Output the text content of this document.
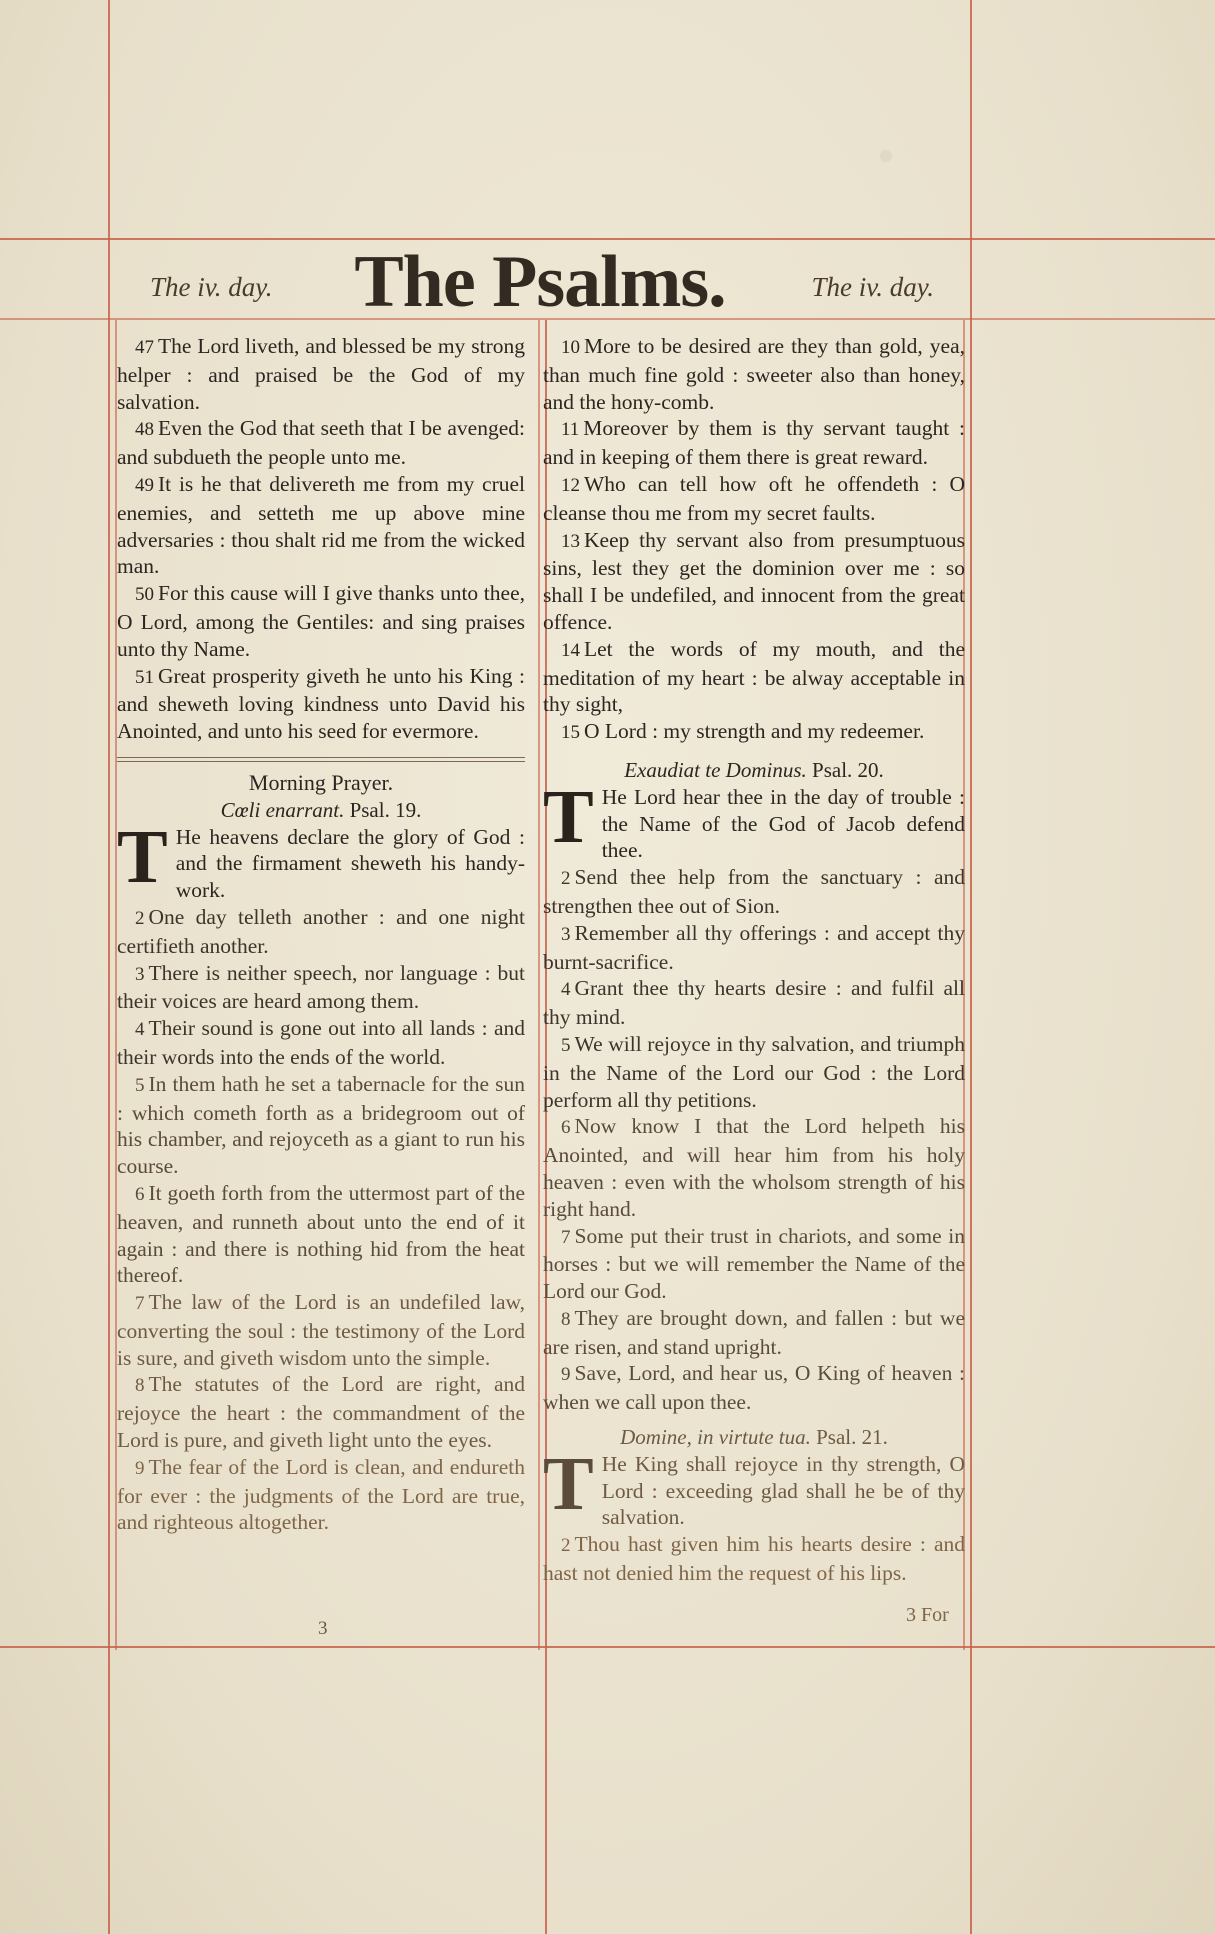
The iv. day.	The Psalms.	The iv. day.

47 The Lord liveth, and blessed be my strong helper : and praised be the God of my salvation.

48 Even the God that seeth that I be avenged: and subdueth the people unto me.

49 It is he that delivereth me from my cruel enemies, and setteth me up above mine adversaries : thou shalt rid me from the wicked man.

50 For this cause will I give thanks unto thee, O Lord, among the Gentiles: and sing praises unto thy Name.

51 Great prosperity giveth he unto his King : and sheweth loving kindness unto David his Anointed, and unto his seed for evermore.

Morning Prayer.

Cœli enarrant. Psal. 19.

T He heavens declare the glory of God : and the firmament sheweth his handy-work.

2 One day telleth another : and one night certifieth another.

3 There is neither speech, nor language : but their voices are heard among them.

4 Their sound is gone out into all lands : and their words into the ends of the world.

5 In them hath he set a tabernacle for the sun : which cometh forth as a bridegroom out of his chamber, and rejoyceth as a giant to run his course.

6 It goeth forth from the uttermost part of the heaven, and runneth about unto the end of it again : and there is nothing hid from the heat thereof.

7 The law of the Lord is an undefiled law, converting the soul : the testimony of the Lord is sure, and giveth wisdom unto the simple.

8 The statutes of the Lord are right, and rejoyce the heart : the commandment of the Lord is pure, and giveth light unto the eyes.

9 The fear of the Lord is clean, and endureth for ever : the judgments of the Lord are true, and righteous altogether.

10 More to be desired are they than gold, yea, than much fine gold : sweeter also than honey, and the hony-comb.

11 Moreover by them is thy servant taught : and in keeping of them there is great reward.

12 Who can tell how oft he offendeth : O cleanse thou me from my secret faults.

13 Keep thy servant also from presumptuous sins, lest they get the dominion over me : so shall I be undefiled, and innocent from the great offence.

14 Let the words of my mouth, and the meditation of my heart : be alway acceptable in thy sight,

15 O Lord : my strength and my redeemer.

Exaudiat te Dominus. Psal. 20.

T He Lord hear thee in the day of trouble : the Name of the God of Jacob defend thee.

2 Send thee help from the sanctuary : and strengthen thee out of Sion.

3 Remember all thy offerings : and accept thy burnt-sacrifice.

4 Grant thee thy hearts desire : and fulfil all thy mind.

5 We will rejoyce in thy salvation, and triumph in the Name of the Lord our God : the Lord perform all thy petitions.

6 Now know I that the Lord helpeth his Anointed, and will hear him from his holy heaven : even with the wholsom strength of his right hand.

7 Some put their trust in chariots, and some in horses : but we will remember the Name of the Lord our God.

8 They are brought down, and fallen : but we are risen, and stand upright.

9 Save, Lord, and hear us, O King of heaven : when we call upon thee.

Domine, in virtute tua. Psal. 21.

T He King shall rejoyce in thy strength, O Lord : exceeding glad shall he be of thy salvation.

2 Thou hast given him his hearts desire : and hast not denied him the request of his lips.

3
3 For
